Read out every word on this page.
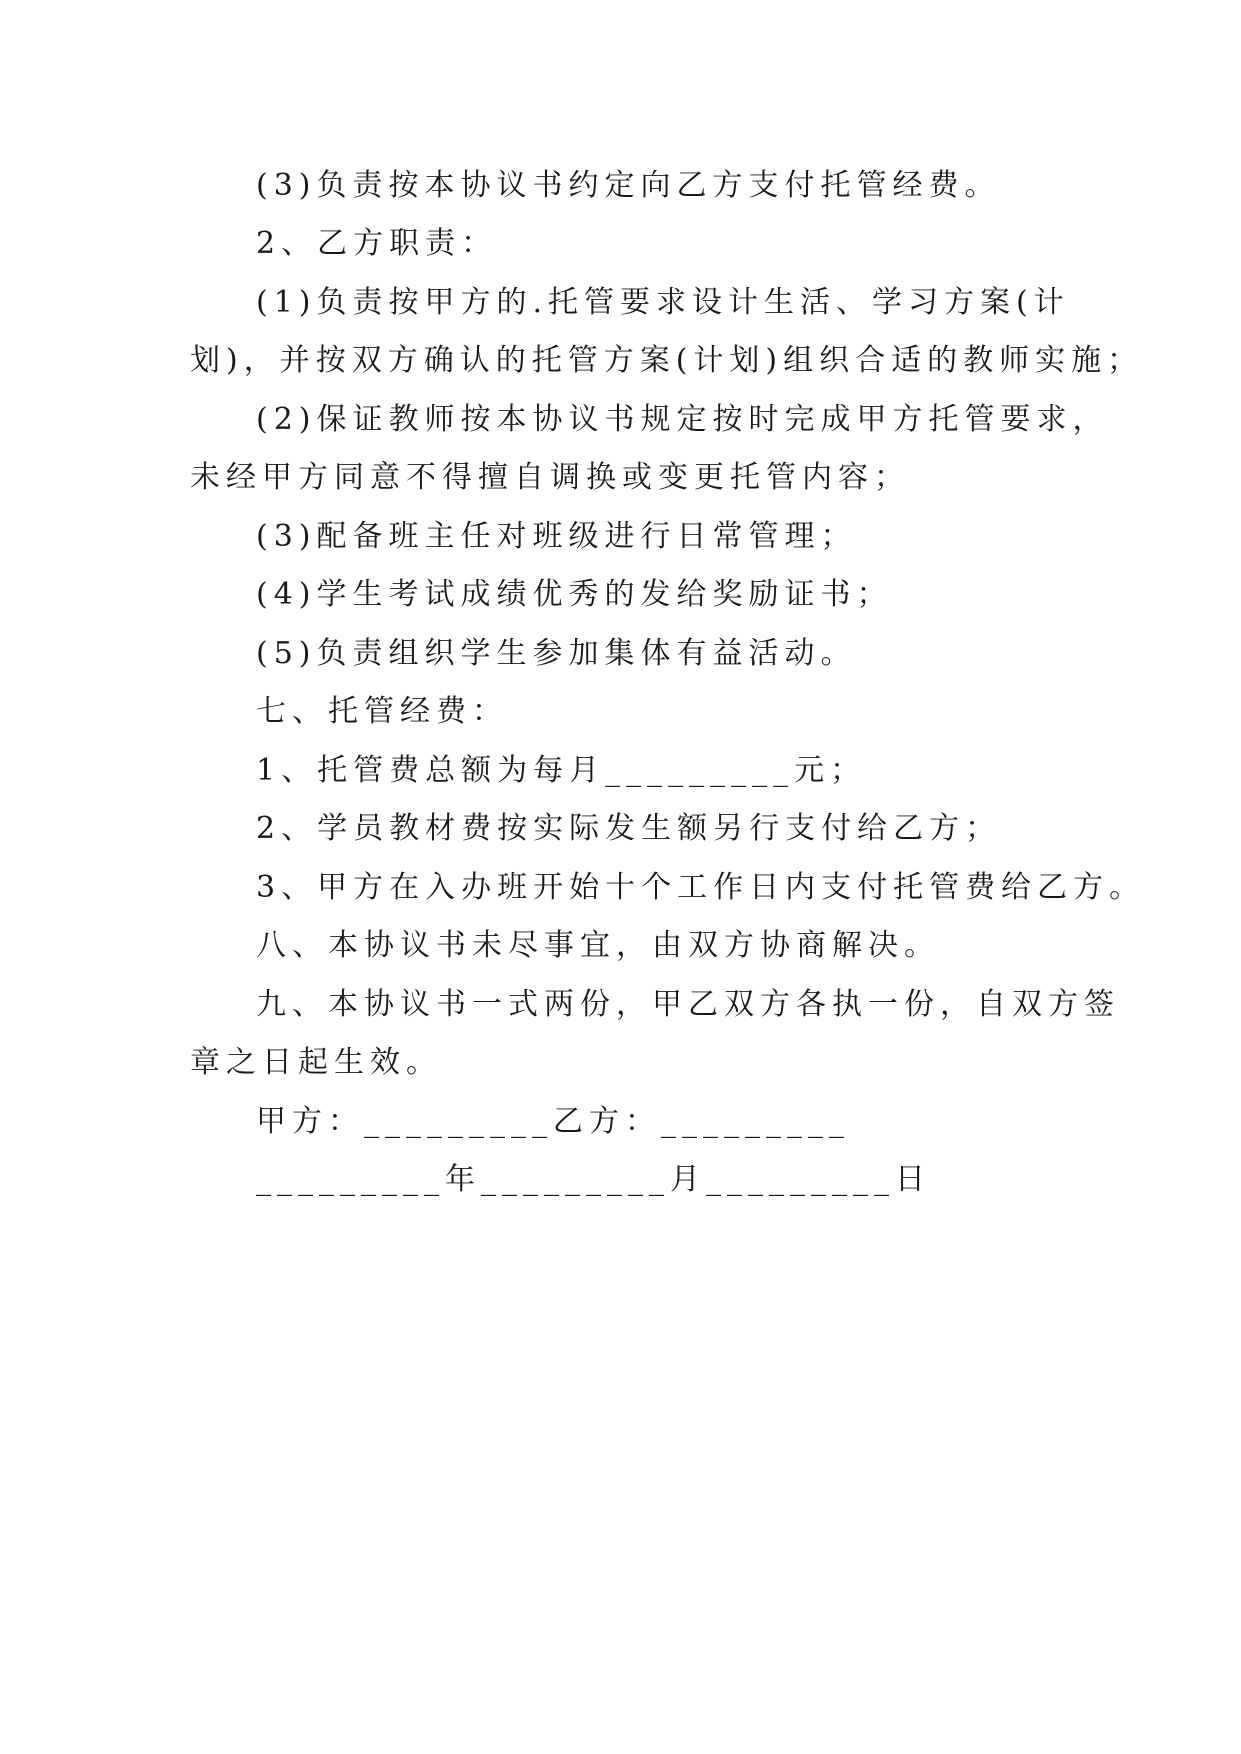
(3)负责按本协议书约定向乙方支付托管经费。
2、乙方职责：
(1)负责按甲方的.托管要求设计生活、学习方案(计
划)，并按双方确认的托管方案(计划)组织合适的教师实施；
(2)保证教师按本协议书规定按时完成甲方托管要求，
未经甲方同意不得擅自调换或变更托管内容；
(3)配备班主任对班级进行日常管理；
(4)学生考试成绩优秀的发给奖励证书；
(5)负责组织学生参加集体有益活动。
七、托管经费：
1、托管费总额为每月_________元；
2、学员教材费按实际发生额另行支付给乙方；
3、甲方在入办班开始十个工作日内支付托管费给乙方。
八、本协议书未尽事宜，由双方协商解决。
九、本协议书一式两份，甲乙双方各执一份，自双方签
章之日起生效。
甲方：_________乙方：_________
_________年_________月_________日
